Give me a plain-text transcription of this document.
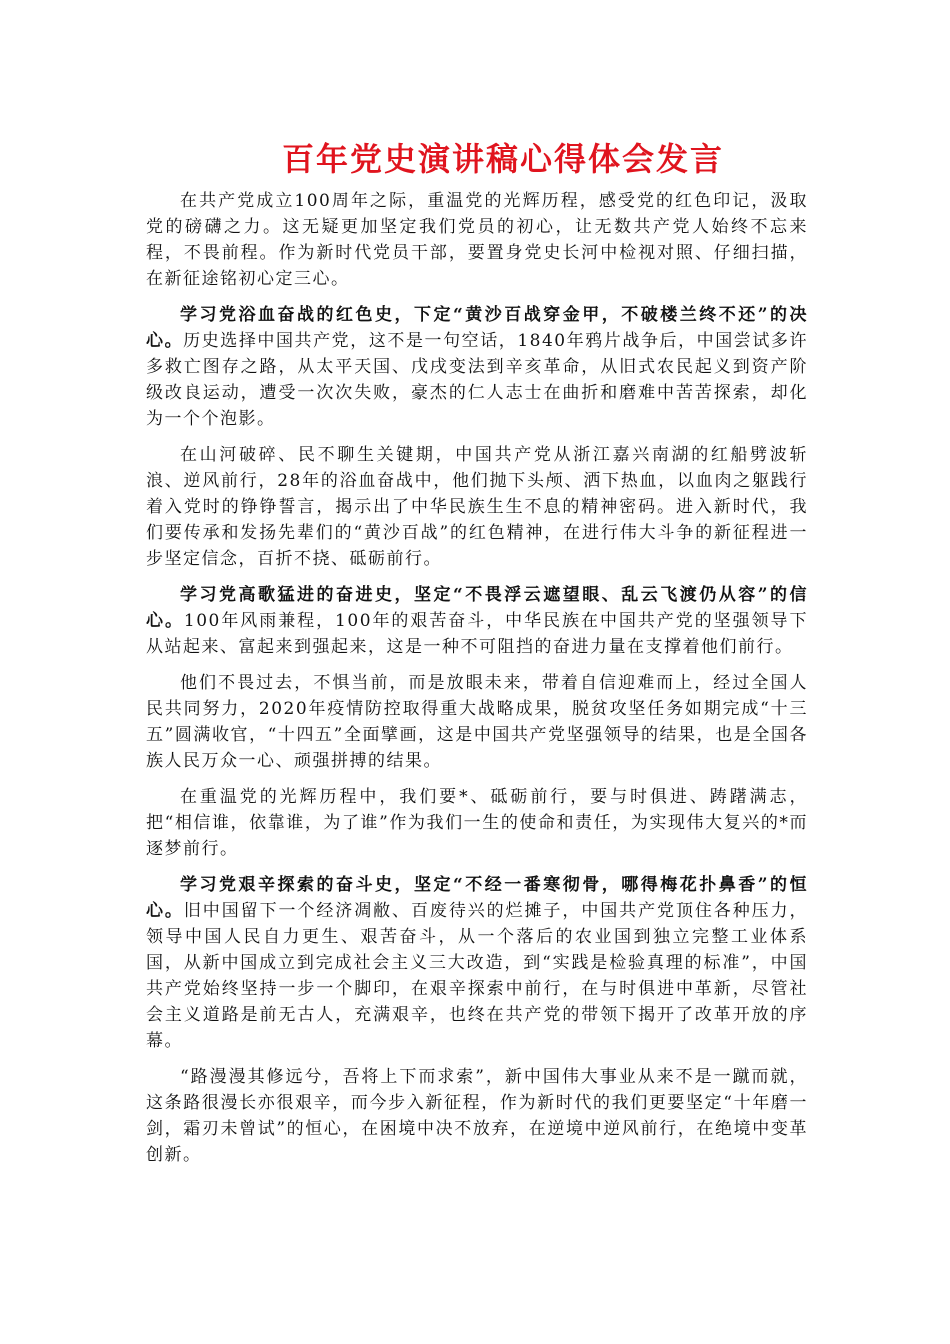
百年党史演讲稿心得体会发言

在共产党成立100周年之际，重温党的光辉历程，感受党的红色印记，汲取党的磅礴之力。这无疑更加坚定我们党员的初心，让无数共产党人始终不忘来程，不畏前程。作为新时代党员干部，要置身党史长河中检视对照、仔细扫描，在新征途铭初心定三心。

学习党浴血奋战的红色史，下定“黄沙百战穿金甲，不破楼兰终不还”的决心。历史选择中国共产党，这不是一句空话，1840年鸦片战争后，中国尝试多许多救亡图存之路，从太平天国、戊戌变法到辛亥革命，从旧式农民起义到资产阶级改良运动，遭受一次次失败，豪杰的仁人志士在曲折和磨难中苦苦探索，却化为一个个泡影。

在山河破碎、民不聊生关键期，中国共产党从浙江嘉兴南湖的红船劈波斩浪、逆风前行，28年的浴血奋战中，他们抛下头颅、洒下热血，以血肉之躯践行着入党时的铮铮誓言，揭示出了中华民族生生不息的精神密码。进入新时代，我们要传承和发扬先辈们的“黄沙百战”的红色精神，在进行伟大斗争的新征程进一步坚定信念，百折不挠、砥砺前行。

学习党高歌猛进的奋进史，坚定“不畏浮云遮望眼、乱云飞渡仍从容”的信心。100年风雨兼程，100年的艰苦奋斗，中华民族在中国共产党的坚强领导下从站起来、富起来到强起来，这是一种不可阻挡的奋进力量在支撑着他们前行。

他们不畏过去，不惧当前，而是放眼未来，带着自信迎难而上，经过全国人民共同努力，2020年疫情防控取得重大战略成果，脱贫攻坚任务如期完成“十三五”圆满收官，“十四五”全面擘画，这是中国共产党坚强领导的结果，也是全国各族人民万众一心、顽强拼搏的结果。

在重温党的光辉历程中，我们要*、砥砺前行，要与时俱进、踌躇满志，把“相信谁，依靠谁，为了谁”作为我们一生的使命和责任，为实现伟大复兴的*而逐梦前行。

学习党艰辛探索的奋斗史，坚定“不经一番寒彻骨，哪得梅花扑鼻香”的恒心。旧中国留下一个经济凋敝、百废待兴的烂摊子，中国共产党顶住各种压力，领导中国人民自力更生、艰苦奋斗，从一个落后的农业国到独立完整工业体系国，从新中国成立到完成社会主义三大改造，到“实践是检验真理的标准”，中国共产党始终坚持一步一个脚印，在艰辛探索中前行，在与时俱进中革新，尽管社会主义道路是前无古人，充满艰辛，也终在共产党的带领下揭开了改革开放的序幕。

“路漫漫其修远兮，吾将上下而求索”，新中国伟大事业从来不是一蹴而就，这条路很漫长亦很艰辛，而今步入新征程，作为新时代的我们更要坚定“十年磨一剑，霜刃未曾试”的恒心，在困境中决不放弃，在逆境中逆风前行，在绝境中变革创新。
